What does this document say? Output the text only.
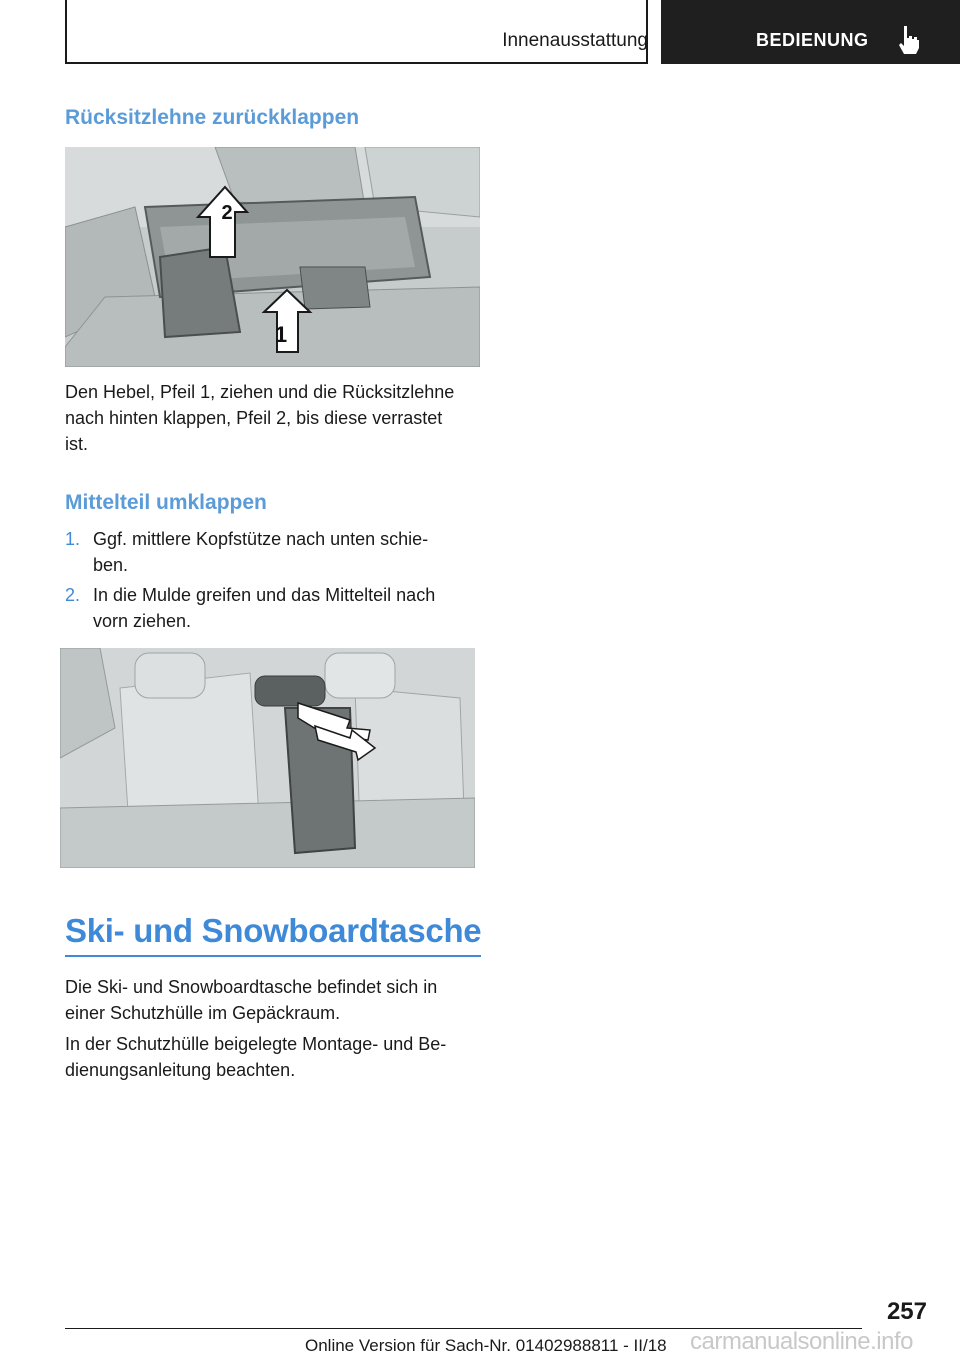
Innenausstattung	BEDIENUNG
Rücksitzlehne zurückklappen
1
2

Den Hebel, Pfeil 1, ziehen und die Rücksitzlehne
nach hinten klappen, Pfeil 2, bis diese verrastet
ist.

Mittelteil umklappen
1. Ggf. mittlere Kopfstütze nach unten schie-
ben.
2. In die Mulde greifen und das Mittelteil nach
vorn ziehen.
Ski- und Snowboardtasche

Die Ski- und Snowboardtasche befindet sich in
einer Schutzhülle im Gepäckraum.

In der Schutzhülle beigelegte Montage- und Be-
dienungsanleitung beachten.

257
Online Version für Sach-Nr. 01402988811 - II/18 carmanualsonline.info
